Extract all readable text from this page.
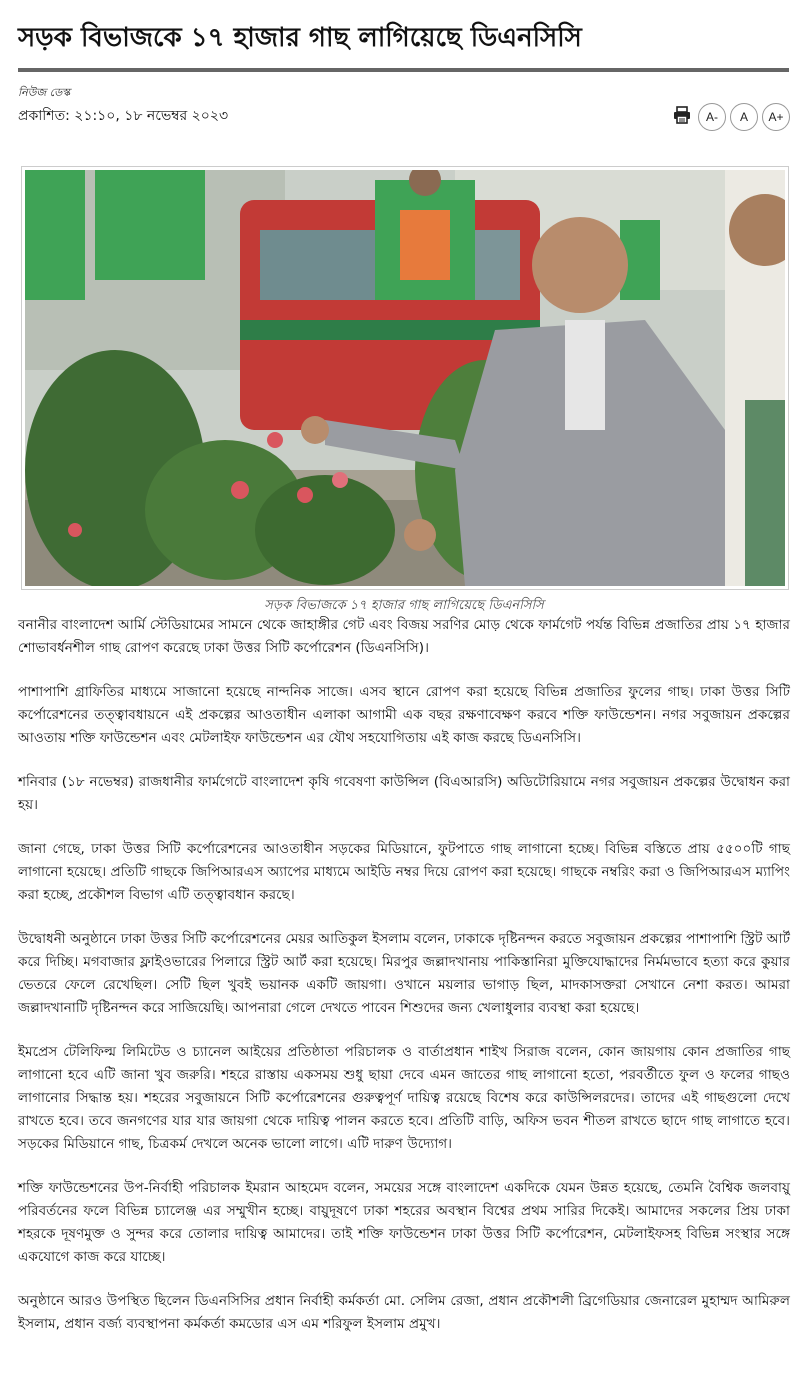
সড়ক বিভাজকে ১৭ হাজার গাছ লাগিয়েছে ডিএনসিসি
নিউজ ডেস্ক
প্রকাশিত: ২১:১০, ১৮ নভেম্বর ২০২৩	A-	A	A+
সড়ক বিভাজকে ১৭ হাজার গাছ লাগিয়েছে ডিএনসিসি

বনানীর বাংলাদেশ আর্মি স্টেডিয়ামের সামনে থেকে জাহাঙ্গীর গেট এবং বিজয় সরণির মোড় থেকে ফার্মগেট পর্যন্ত বিভিন্ন প্রজাতির প্রায় ১৭ হাজার শোভাবর্ধনশীল গাছ রোপণ করেছে ঢাকা উত্তর সিটি কর্পোরেশন (ডিএনসিসি)।

পাশাপাশি গ্রাফিতির মাধ্যমে সাজানো হয়েছে নান্দনিক সাজে। এসব স্থানে রোপণ করা হয়েছে বিভিন্ন প্রজাতির ফুলের গাছ। ঢাকা উত্তর সিটি কর্পোরেশনের তত্ত্বাবধায়নে এই প্রকল্পের আওতাধীন এলাকা আগামী এক বছর রক্ষণাবেক্ষণ করবে শক্তি ফাউন্ডেশন। নগর সবুজায়ন প্রকল্পের আওতায় শক্তি ফাউন্ডেশন এবং মেটলাইফ ফাউন্ডেশন এর যৌথ সহযোগিতায় এই কাজ করছে ডিএনসিসি।

শনিবার (১৮ নভেম্বর) রাজধানীর ফার্মগেটে বাংলাদেশ কৃষি গবেষণা কাউন্সিল (বিএআরসি) অডিটোরিয়ামে নগর সবুজায়ন প্রকল্পের উদ্বোধন করা হয়।

জানা গেছে, ঢাকা উত্তর সিটি কর্পোরেশনের আওতাধীন সড়কের মিডিয়ানে, ফুটপাতে গাছ লাগানো হচ্ছে। বিভিন্ন বস্তিতে প্রায় ৫৫০০টি গাছ লাগানো হয়েছে। প্রতিটি গাছকে জিপিআরএস অ্যাপের মাধ্যমে আইডি নম্বর দিয়ে রোপণ করা হয়েছে। গাছকে নম্বরিং করা ও জিপিআরএস ম্যাপিং করা হচ্ছে, প্রকৌশল বিভাগ এটি তত্ত্বাবধান করছে।

উদ্বোধনী অনুষ্ঠানে ঢাকা উত্তর সিটি কর্পোরেশনের মেয়র আতিকুল ইসলাম বলেন, ঢাকাকে দৃষ্টিনন্দন করতে সবুজায়ন প্রকল্পের পাশাপাশি স্ট্রিট আর্ট করে দিচ্ছি। মগবাজার ফ্লাইওভারের পিলারে স্ট্রিট আর্ট করা হয়েছে। মিরপুর জল্লাদখানায় পাকিস্তানিরা মুক্তিযোদ্ধাদের নির্মমভাবে হত্যা করে কুয়ার ভেতরে ফেলে রেখেছিল। সেটি ছিল খুবই ভয়ানক একটি জায়গা। ওখানে ময়লার ভাগাড় ছিল, মাদকাসক্তরা সেখানে নেশা করত। আমরা জল্লাদখানাটি দৃষ্টিনন্দন করে সাজিয়েছি। আপনারা গেলে দেখতে পাবেন শিশুদের জন্য খেলাধুলার ব্যবস্থা করা হয়েছে।

ইমপ্রেস টেলিফিল্ম লিমিটেড ও চ্যানেল আইয়ের প্রতিষ্ঠাতা পরিচালক ও বার্তাপ্রধান শাইখ সিরাজ বলেন, কোন জায়গায় কোন প্রজাতির গাছ লাগানো হবে এটি জানা খুব জরুরি। শহরে রাস্তায় একসময় শুধু ছায়া দেবে এমন জাতের গাছ লাগানো হতো, পরবর্তীতে ফুল ও ফলের গাছও লাগানোর সিদ্ধান্ত হয়। শহরের সবুজায়নে সিটি কর্পোরেশনের গুরুত্বপূর্ণ দায়িত্ব রয়েছে বিশেষ করে কাউন্সিলরদের। তাদের এই গাছগুলো দেখে রাখতে হবে। তবে জনগণের যার যার জায়গা থেকে দায়িত্ব পালন করতে হবে। প্রতিটি বাড়ি, অফিস ভবন শীতল রাখতে ছাদে গাছ লাগাতে হবে। সড়কের মিডিয়ানে গাছ, চিত্রকর্ম দেখলে অনেক ভালো লাগে। এটি দারুণ উদ্যোগ।

শক্তি ফাউন্ডেশনের উপ-নির্বাহী পরিচালক ইমরান আহমেদ বলেন, সময়ের সঙ্গে বাংলাদেশ একদিকে যেমন উন্নত হয়েছে, তেমনি বৈশ্বিক জলবায়ু পরিবর্তনের ফলে বিভিন্ন চ্যালেঞ্জ এর সম্মুখীন হচ্ছে। বায়ুদূষণে ঢাকা শহরের অবস্থান বিশ্বের প্রথম সারির দিকেই। আমাদের সকলের প্রিয় ঢাকা শহরকে দূষণমুক্ত ও সুন্দর করে তোলার দায়িত্ব আমাদের। তাই শক্তি ফাউন্ডেশন ঢাকা উত্তর সিটি কর্পোরেশন, মেটলাইফসহ বিভিন্ন সংস্থার সঙ্গে একযোগে কাজ করে যাচ্ছে।

অনুষ্ঠানে আরও উপস্থিত ছিলেন ডিএনসিসির প্রধান নির্বাহী কর্মকর্তা মো. সেলিম রেজা, প্রধান প্রকৌশলী ব্রিগেডিয়ার জেনারেল মুহাম্মদ আমিরুল ইসলাম, প্রধান বর্জ্য ব্যবস্থাপনা কর্মকর্তা কমডোর এস এম শরিফুল ইসলাম প্রমুখ।
